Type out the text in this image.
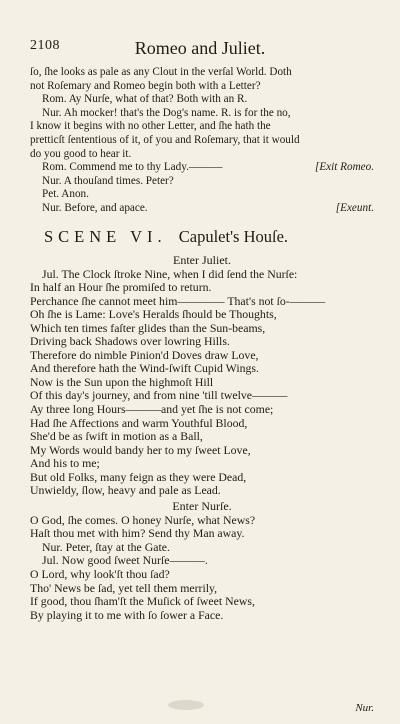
2108	Romeo and Juliet.
ſo, ſhe looks as pale as any Clout in the verſal World. Doth
not Roſemary and Romeo begin both with a Letter?
Rom. Ay Nurſe, what of that? Both with an R.
Nur. Ah mocker! that's the Dog's name. R. is for the no,
I know it begins with no other Letter, and ſhe hath the
pretticſt ſententious of it, of you and Roſemary, that it would
do you good to hear it.
Rom. Commend me to thy Lady.———	[Exit Romeo.
Nur. A thouſand times. Peter?
Pet. Anon.
Nur. Before, and apace.	[Exeunt.
SCENE VI. Capulet's Houſe.
Enter Juliet.
Jul. The Clock ſtroke Nine, when I did ſend the Nurſe:
In half an Hour ſhe promiſed to return.
Perchance ſhe cannot meet him———— That's not ſo-———
Oh ſhe is Lame: Love's Heralds ſhould be Thoughts,
Which ten times faſter glides than the Sun-beams,
Driving back Shadows over lowring Hills.
Therefore do nimble Pinion'd Doves draw Love,
And therefore hath the Wind-ſwift Cupid Wings.
Now is the Sun upon the highmoſt Hill
Of this day's journey, and from nine 'till twelve———
Ay three long Hours———and yet ſhe is not come;
Had ſhe Affections and warm Youthful Blood,
She'd be as ſwift in motion as a Ball,
My Words would bandy her to my ſweet Love,
And his to me;
But old Folks, many feign as they were Dead,
Unwieldy, ſlow, heavy and pale as Lead.
Enter Nurſe.
O God, ſhe comes. O honey Nurſe, what News?
Haſt thou met with him? Send thy Man away.
Nur. Peter, ſtay at the Gate.
Jul. Now good ſweet Nurſe———.
O Lord, why look'ſt thou ſad?
Tho' News be ſad, yet tell them merrily,
If good, thou ſham'ſt the Muſick of ſweet News,
By playing it to me with ſo ſower a Face.
Nur.
